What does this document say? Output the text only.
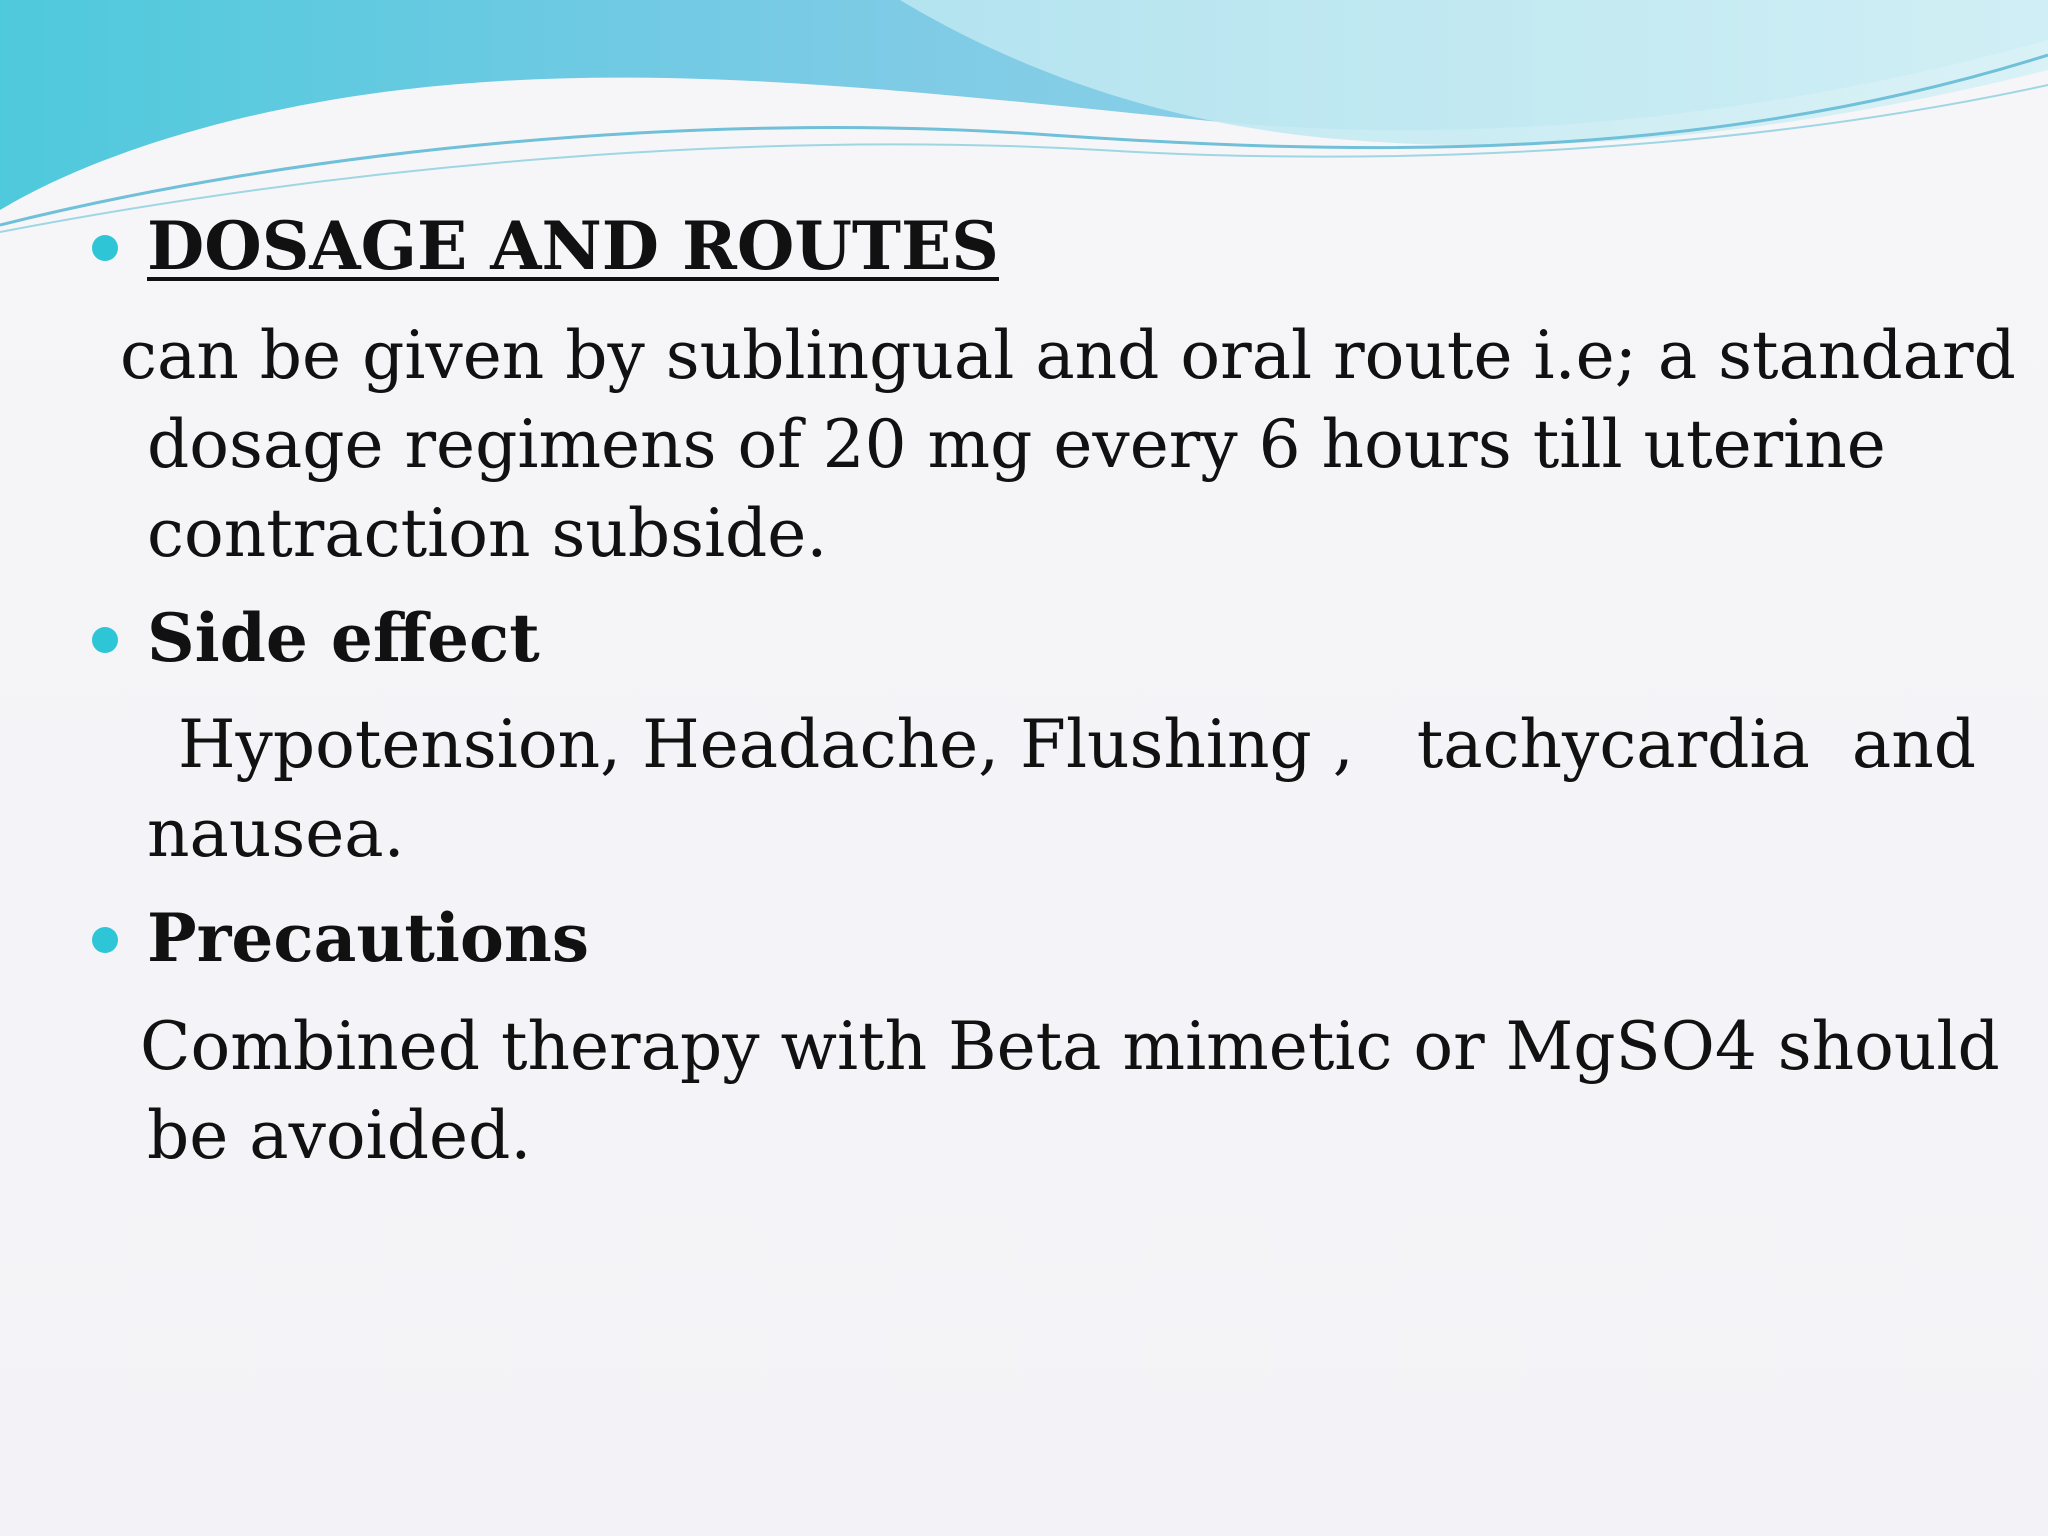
DOSAGE AND ROUTES
can be given by sublingual and oral route i.e; a standard
dosage regimens of 20 mg every 6 hours till uterine
contraction subside.
Side effect
Hypotension, Headache, Flushing ,   tachycardia  and
nausea.
Precautions
Combined therapy with Beta mimetic or MgSO4 should
be avoided.
